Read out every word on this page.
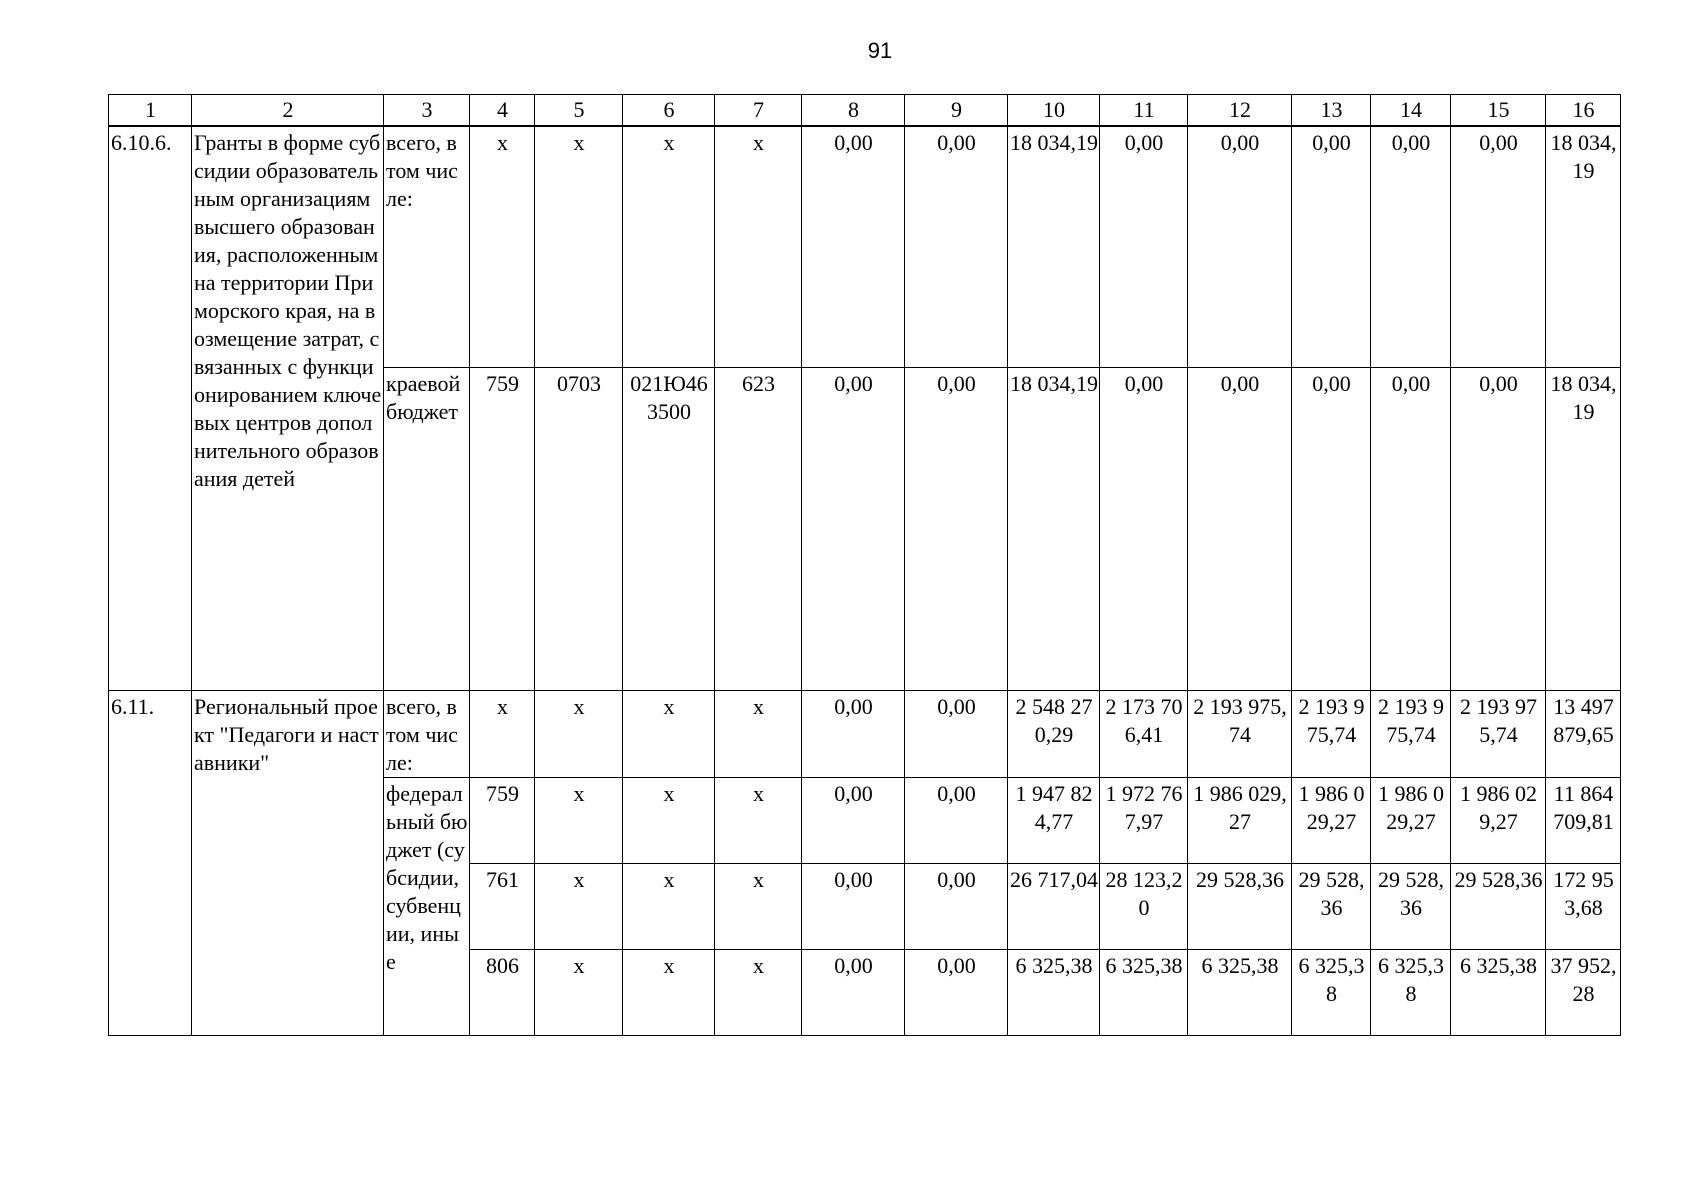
91
1	2	3	4	5	6	7	8	9	10	11	12	13	14	15	16
6.10.6.	Гранты в форме субсидии образовательным организациям высшего образования, расположенным на территории Приморского края, на возмещение затрат, связанных с функционированием ключевых центров дополнительного образования детей	всего, в том числе:	x	x	x	x	0,00	0,00	18 034,19	0,00	0,00	0,00	0,00	0,00	18 034,19
		краевой бюджет	759	0703	021Ю463500	623	0,00	0,00	18 034,19	0,00	0,00	0,00	0,00	0,00	18 034,19
6.11.	Региональный проект "Педагоги и наставники"	всего, в том числе:	x	x	x	x	0,00	0,00	2 548 270,29	2 173 706,41	2 193 975,74	2 193 975,74	2 193 975,74	2 193 975,74	13 497 879,65
		федеральный бюджет (субсидии, субвенции, иные	759	x	x	x	0,00	0,00	1 947 824,77	1 972 767,97	1 986 029,27	1 986 029,27	1 986 029,27	1 986 029,27	11 864 709,81
			761	x	x	x	0,00	0,00	26 717,04	28 123,20	29 528,36	29 528,36	29 528,36	29 528,36	172 953,68
			806	x	x	x	0,00	0,00	6 325,38	6 325,38	6 325,38	6 325,38	6 325,38	6 325,38	37 952,28
